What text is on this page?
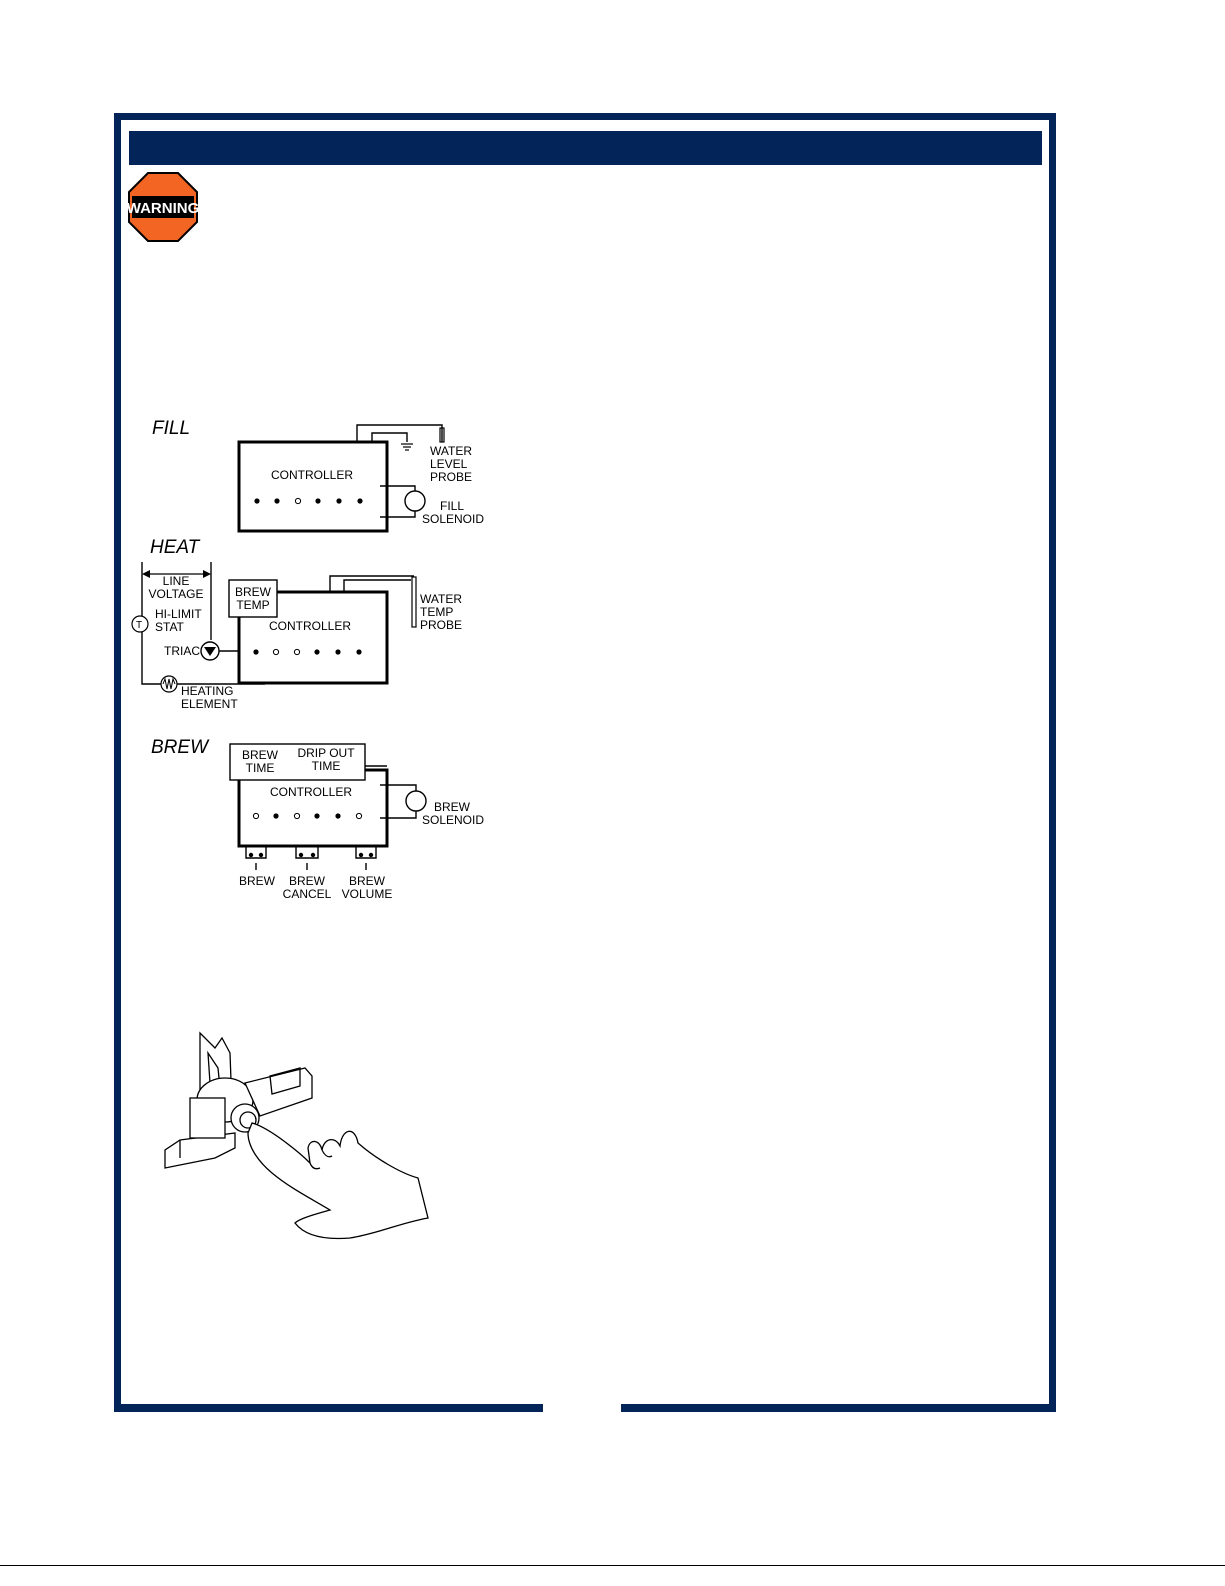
WARNING
FILL
CONTROLLER
WATER
LEVEL
PROBE
FILL
SOLENOID
HEAT
LINE
VOLTAGE
T
HI-LIMIT
STAT
TRIAC
HEATING
ELEMENT
BREW
TEMP
CONTROLLER
WATER
TEMP
PROBE
BREW	BREW
TIME
DRIP OUT
TIME
CONTROLLER
BREW
SOLENOID
BREW BREW
CANCEL
BREW
VOLUME
